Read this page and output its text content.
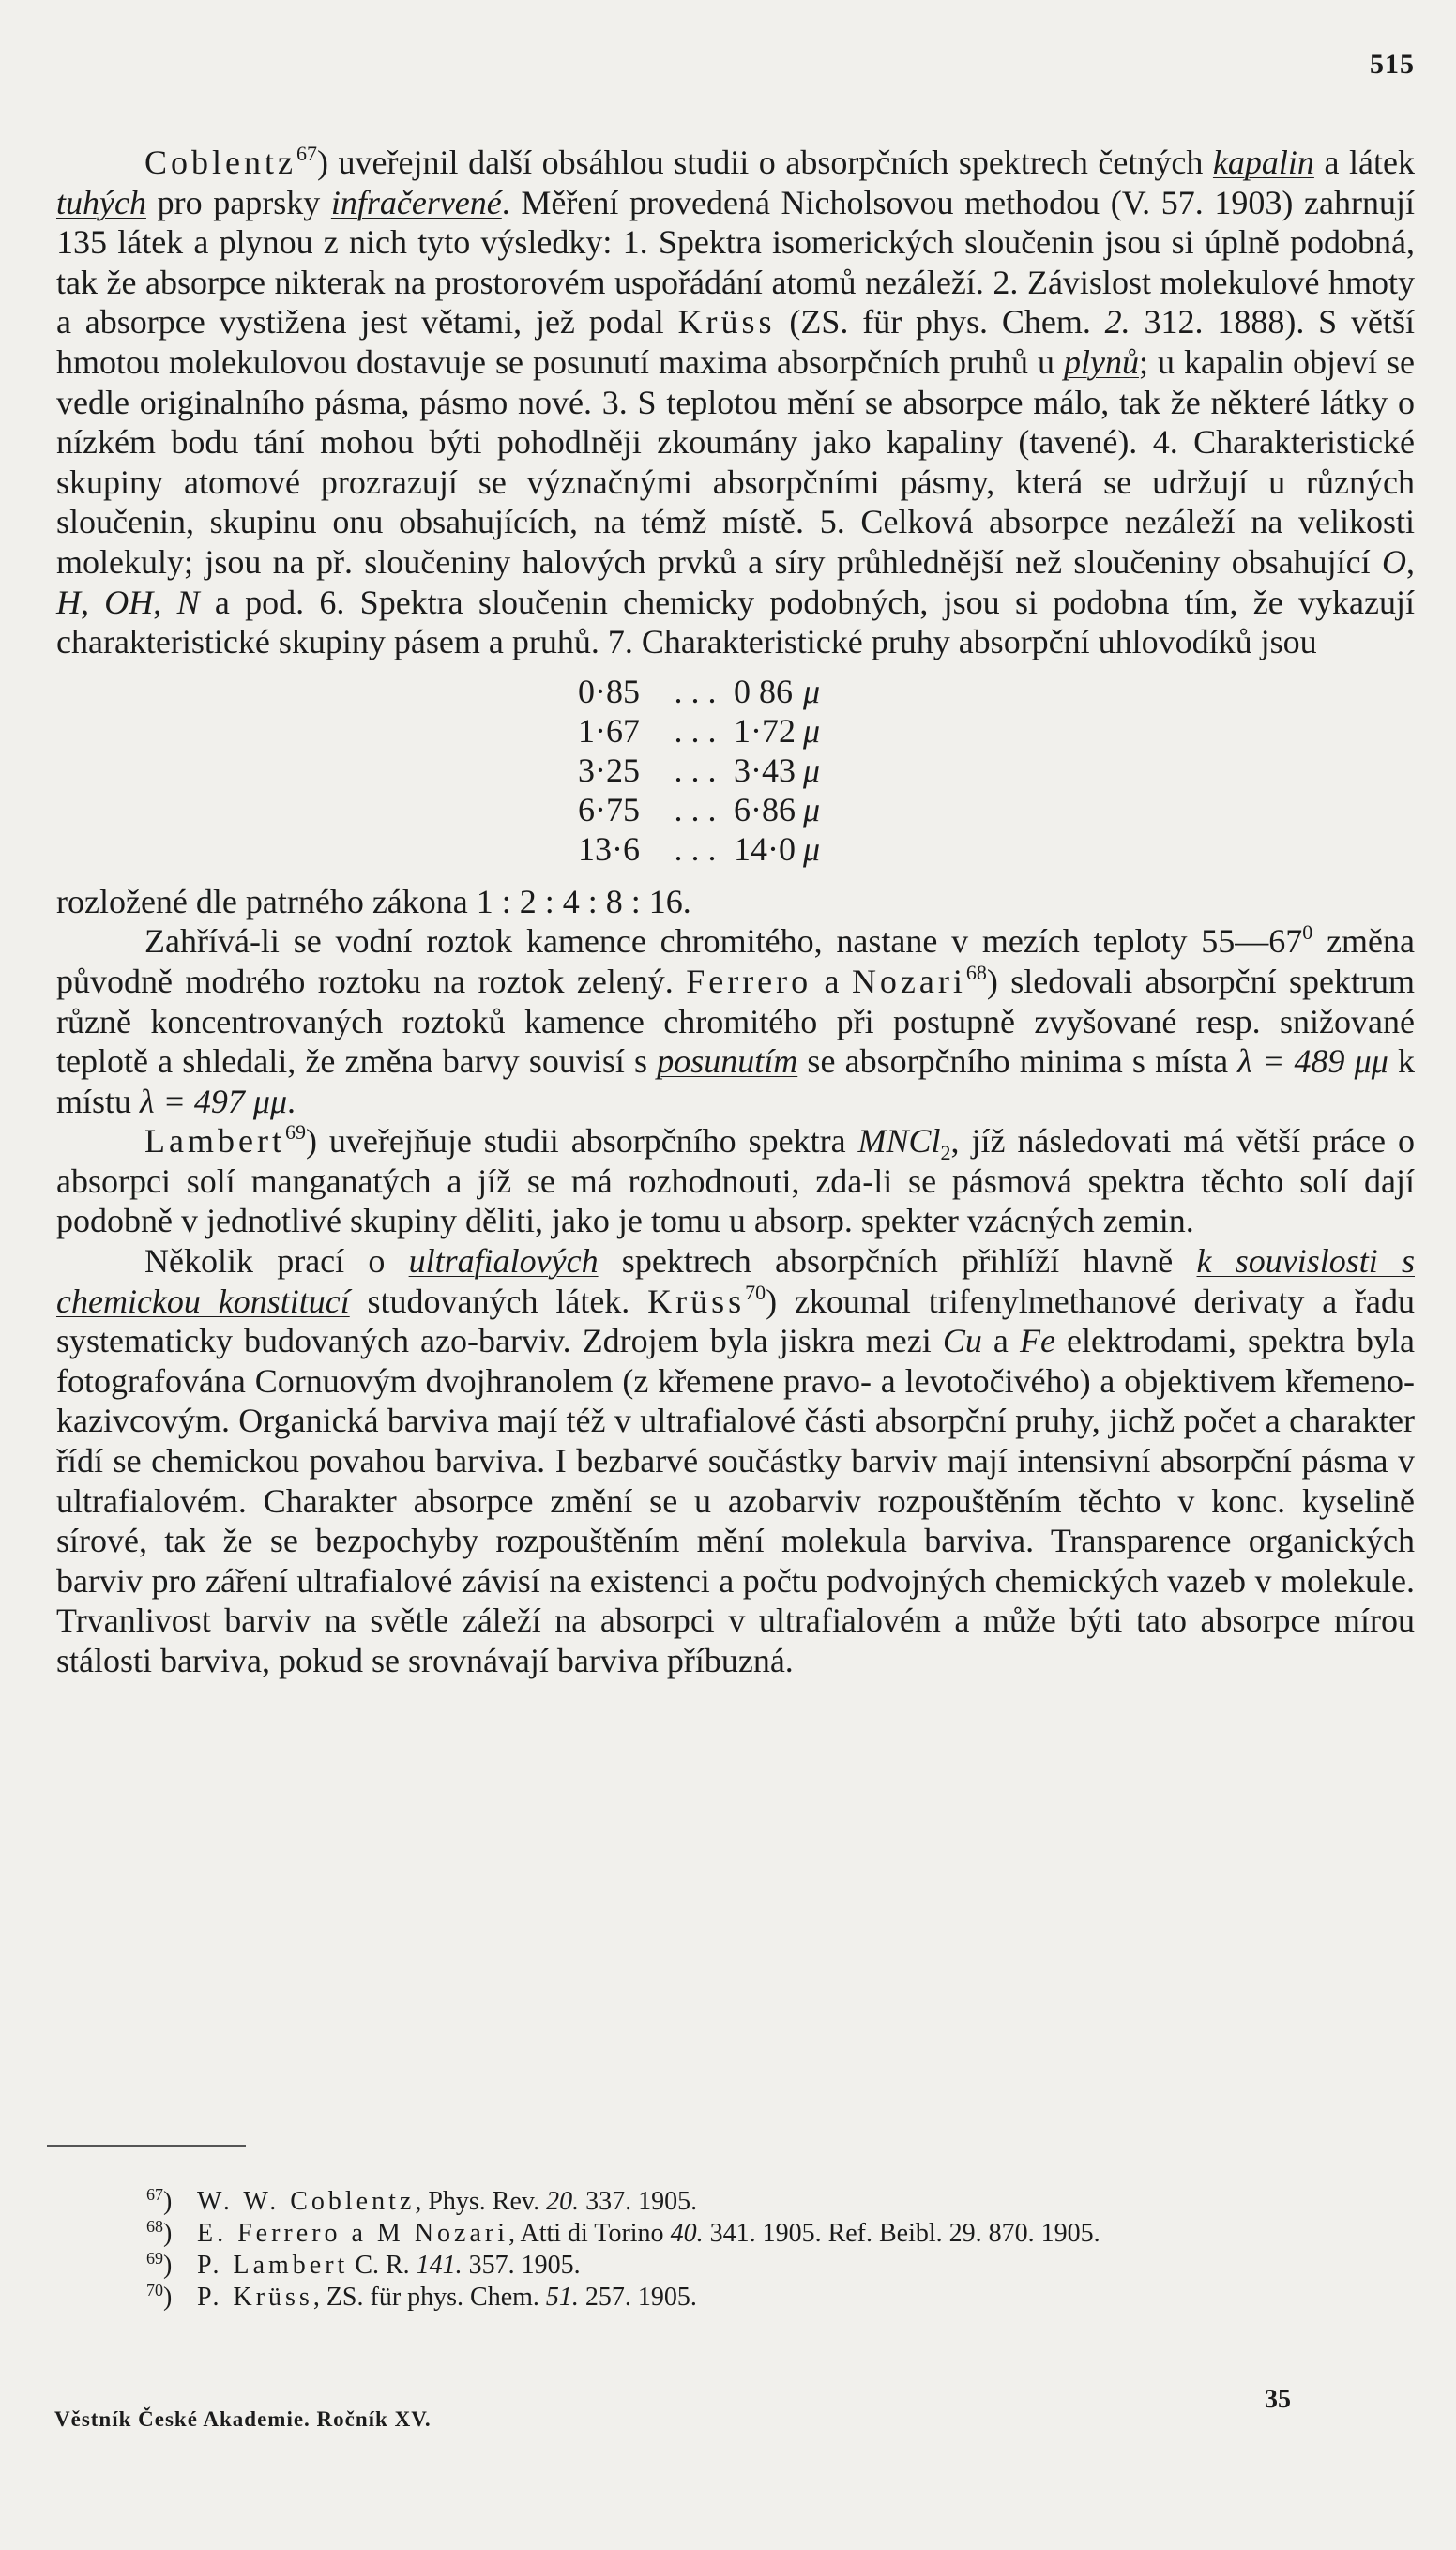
515

Coblentz$^{67}$) uveřejnil další obsáhlou studii o absorpčních spektrech četných kapalin a látek tuhých pro paprsky infračervené. Měření provedená Nicholsovou methodou (V. 57. 1903) zahrnují 135 látek a plynou z nich tyto výsledky: 1. Spektra isomerických sloučenin jsou si úplně podobná, tak že absorpce nikterak na prostorovém uspořádání atomů nezáleží. 2. Závislost molekulové hmoty a absorpce vystižena jest větami, jež podal Krüss (ZS. für phys. Chem. 2. 312. 1888). S větší hmotou molekulovou dostavuje se posunutí maxima absorpčních pruhů u plynů; u kapalin objeví se vedle originalního pásma, pásmo nové. 3. S teplotou mění se absorpce málo, tak že některé látky o nízkém bodu tání mohou býti pohodlněji zkoumány jako kapaliny (tavené). 4. Charakteristické skupiny atomové prozrazují se význačnými absorpčními pásmy, která se udržují u různých sloučenin, skupinu onu obsahujících, na témž místě. 5. Celková absorpce nezáleží na velikosti molekuly; jsou na př. sloučeniny halových prvků a síry průhlednější než sloučeniny obsahující O, H, OH, N a pod. 6. Spektra sloučenin chemicky podobných, jsou si podobna tím, že vykazují charakteristické skupiny pásem a pruhů. 7. Charakteristické pruhy absorpční uhlovodíků jsou

0·85	. . .	0 86	μ
1·67	. . .	1·72	μ
3·25	. . .	3·43	μ
6·75	. . .	6·86	μ
13·6	. . .	14·0	μ

rozložené dle patrného zákona 1 : 2 : 4 : 8 : 16.

Zahřívá-li se vodní roztok kamence chromitého, nastane v mezích teploty $55—67^0$ změna původně modrého roztoku na roztok zelený. Ferrero a Nozari$^{68}$) sledovali absorpční spektrum různě koncentrovaných roztoků kamence chromitého při postupně zvyšované resp. snižované teplotě a shledali, že změna barvy souvisí s posunutím se absorpčního minima s místa λ = 489 μμ k místu λ = 497 μμ.

Lambert$^{69}$) uveřejňuje studii absorpčního spektra MNCl$_2$, jíž následovati má větší práce o absorpci solí manganatých a jíž se má rozhodnouti, zda-li se pásmová spektra těchto solí dají podobně v jednotlivé skupiny děliti, jako je tomu u absorp. spekter vzácných zemin.

Několik prací o ultrafialových spektrech absorpčních přihlíží hlavně k souvislosti s chemickou konstitucí studovaných látek. Krüss$^{70}$) zkoumal trifenylmethanové derivaty a řadu systematicky budovaných azo-barviv. Zdrojem byla jiskra mezi Cu a Fe elektrodami, spektra byla fotografována Cornuovým dvojhranolem (z křemene pravo- a levotočivého) a objektivem křemeno-kazivcovým. Organická barviva mají též v ultrafialové části absorpční pruhy, jichž počet a charakter řídí se chemickou povahou barviva. I bezbarvé součástky barviv mají intensivní absorpční pásma v ultrafialovém. Charakter absorpce změní se u azobarviv rozpouštěním těchto v konc. kyselině sírové, tak že se bezpochyby rozpouštěním mění molekula barviva. Transparence organických barviv pro záření ultrafialové závisí na existenci a počtu podvojných chemických vazeb v molekule. Trvanlivost barviv na světle záleží na absorpci v ultrafialovém a může býti tato absorpce mírou stálosti barviva, pokud se srovnávají barviva příbuzná.

$^{67}$) W. W. Coblentz, Phys. Rev. 20. 337. 1905.
$^{68}$) E. Ferrero a M Nozari, Atti di Torino 40. 341. 1905. Ref. Beibl. 29. 870. 1905.
$^{69}$) P. Lambert C. R. 141. 357. 1905.
$^{70}$) P. Krüss, ZS. für phys. Chem. 51. 257. 1905.
Věstník České Akademie. Ročník XV.
35
